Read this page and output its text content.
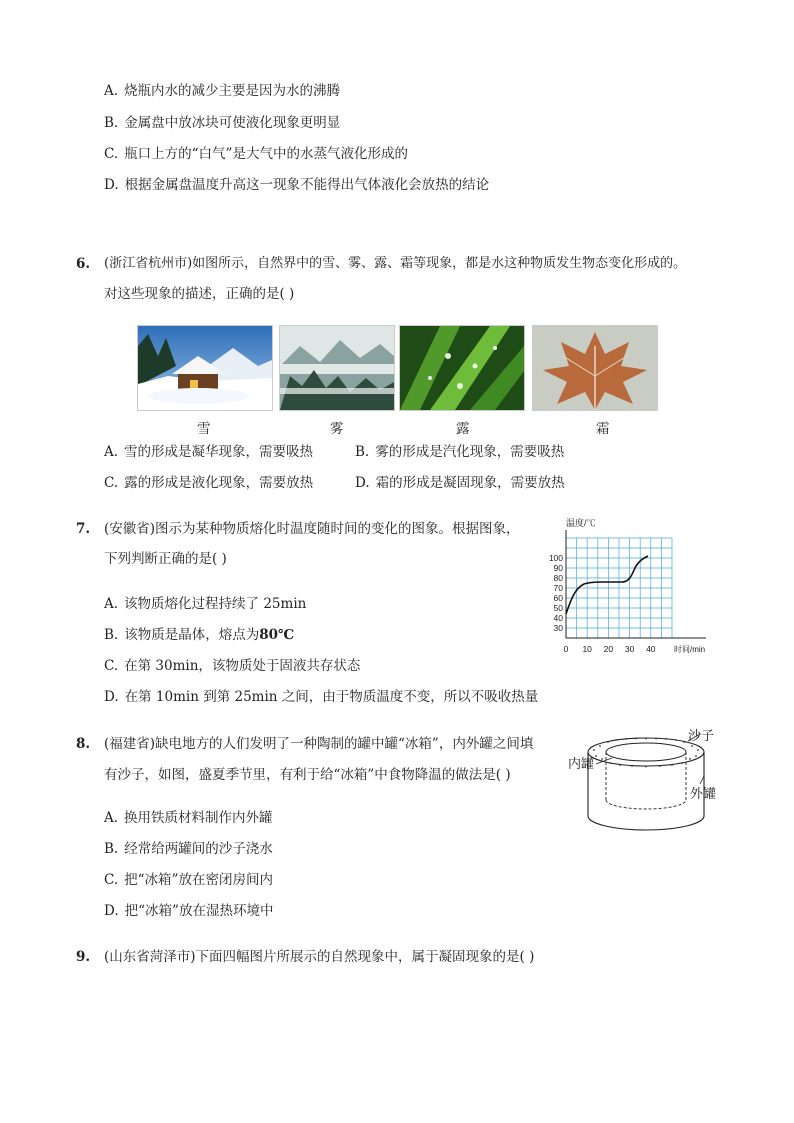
A. 烧瓶内水的减少主要是因为水的沸腾
B. 金属盘中放冰块可使液化现象更明显
C. 瓶口上方的“白气”是大气中的水蒸气液化形成的
D. 根据金属盘温度升高这一现象不能得出气体液化会放热的结论
6. (浙江省杭州市)如图所示，自然界中的雪、雾、露、霜等现象，都是水这种物质发生物态变化形成的。
对这些现象的描述，正确的是( )
雪	雾	露	霜
A. 雪的形成是凝华现象，需要吸热	B. 雾的形成是汽化现象，需要吸热
C. 露的形成是液化现象，需要放热	D. 霜的形成是凝固现象，需要放热
7. (安徽省)图示为某种物质熔化时温度随时间的变化的图象。根据图象，
下列判断正确的是( )
A. 该物质熔化过程持续了 25min
B. 该物质是晶体，熔点为80℃
C. 在第 30min，该物质处于固液共存状态
D. 在第 10min 到第 25min 之间，由于物质温度不变，所以不吸收热量
温度/℃
100
90
80
70
60
50
40
30
0 10 20 30 40 时间/min
8. (福建省)缺电地方的人们发明了一种陶制的罐中罐“冰箱”，内外罐之间填
有沙子，如图，盛夏季节里，有利于给“冰箱”中食物降温的做法是( )
A. 换用铁质材料制作内外罐
B. 经常给两罐间的沙子浇水
C. 把“冰箱”放在密闭房间内
D. 把“冰箱”放在湿热环境中
沙子
内罐
外罐
9. (山东省菏泽市)下面四幅图片所展示的自然现象中，属于凝固现象的是( )
